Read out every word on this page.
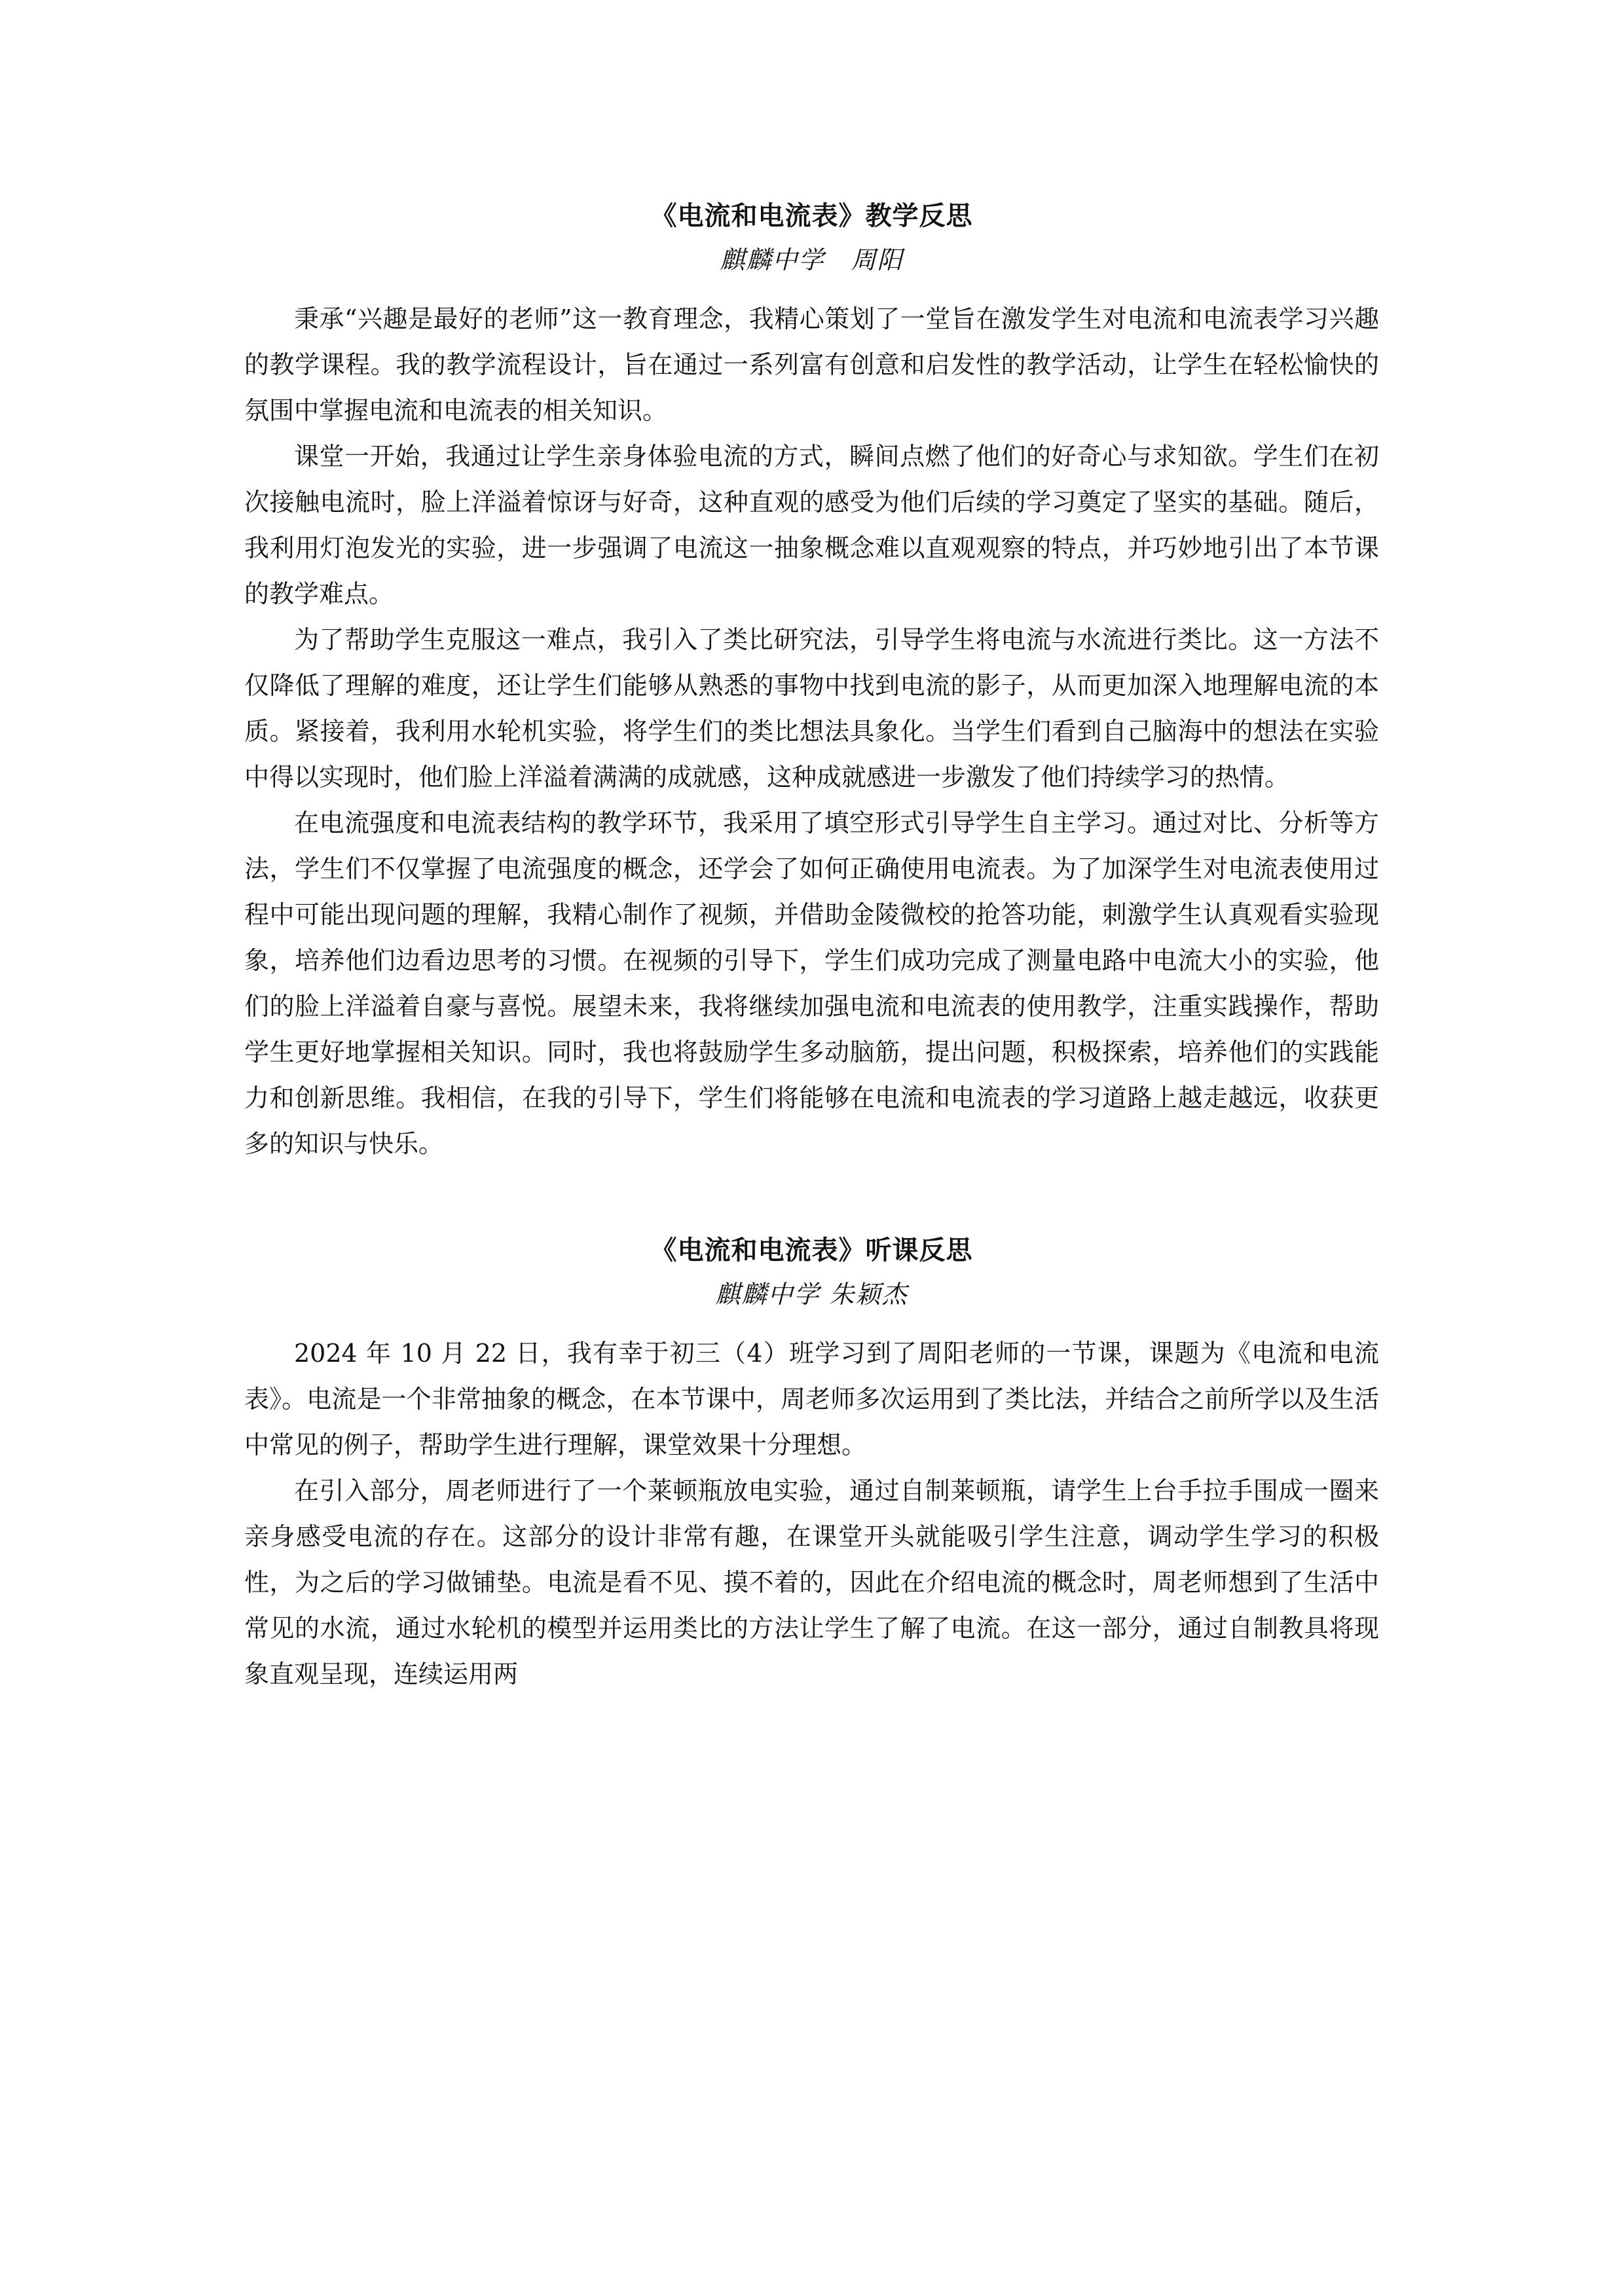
《电流和电流表》教学反思
麒麟中学　周阳

秉承“兴趣是最好的老师”这一教育理念，我精心策划了一堂旨在激发学生对电流和电流表学习兴趣的教学课程。我的教学流程设计，旨在通过一系列富有创意和启发性的教学活动，让学生在轻松愉快的氛围中掌握电流和电流表的相关知识。

课堂一开始，我通过让学生亲身体验电流的方式，瞬间点燃了他们的好奇心与求知欲。学生们在初次接触电流时，脸上洋溢着惊讶与好奇，这种直观的感受为他们后续的学习奠定了坚实的基础。随后，我利用灯泡发光的实验，进一步强调了电流这一抽象概念难以直观观察的特点，并巧妙地引出了本节课的教学难点。

为了帮助学生克服这一难点，我引入了类比研究法，引导学生将电流与水流进行类比。这一方法不仅降低了理解的难度，还让学生们能够从熟悉的事物中找到电流的影子，从而更加深入地理解电流的本质。紧接着，我利用水轮机实验，将学生们的类比想法具象化。当学生们看到自己脑海中的想法在实验中得以实现时，他们脸上洋溢着满满的成就感，这种成就感进一步激发了他们持续学习的热情。

在电流强度和电流表结构的教学环节，我采用了填空形式引导学生自主学习。通过对比、分析等方法，学生们不仅掌握了电流强度的概念，还学会了如何正确使用电流表。为了加深学生对电流表使用过程中可能出现问题的理解，我精心制作了视频，并借助金陵微校的抢答功能，刺激学生认真观看实验现象，培养他们边看边思考的习惯。在视频的引导下，学生们成功完成了测量电路中电流大小的实验，他们的脸上洋溢着自豪与喜悦。展望未来，我将继续加强电流和电流表的使用教学，注重实践操作，帮助学生更好地掌握相关知识。同时，我也将鼓励学生多动脑筋，提出问题，积极探索，培养他们的实践能力和创新思维。我相信，在我的引导下，学生们将能够在电流和电流表的学习道路上越走越远，收获更多的知识与快乐。

《电流和电流表》听课反思
麒麟中学 朱颖杰

2024 年 10 月 22 日，我有幸于初三（4）班学习到了周阳老师的一节课，课题为《电流和电流表》。电流是一个非常抽象的概念，在本节课中，周老师多次运用到了类比法，并结合之前所学以及生活中常见的例子，帮助学生进行理解，课堂效果十分理想。

在引入部分，周老师进行了一个莱顿瓶放电实验，通过自制莱顿瓶，请学生上台手拉手围成一圈来亲身感受电流的存在。这部分的设计非常有趣，在课堂开头就能吸引学生注意，调动学生学习的积极性，为之后的学习做铺垫。电流是看不见、摸不着的，因此在介绍电流的概念时，周老师想到了生活中常见的水流，通过水轮机的模型并运用类比的方法让学生了解了电流。在这一部分，通过自制教具将现象直观呈现，连续运用两
